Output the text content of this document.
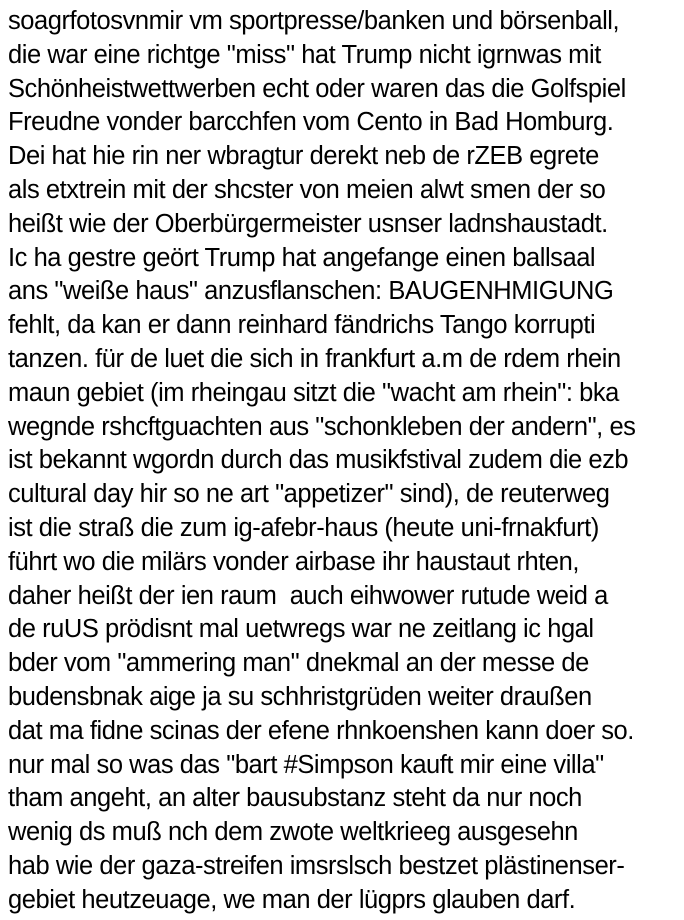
soagrfotosvnmir vm sportpresse/banken und börsenball,
die war eine richtge "miss" hat Trump nicht igrnwas mit
Schönheistwettwerben echt oder waren das die Golfspiel
Freudne vonder barcchfen vom Cento in Bad Homburg.
Dei hat hie rin ner wbragtur derekt neb de rZEB egrete
als etxtrein mit der shcster von meien alwt smen der so
heißt wie der Oberbürgermeister usnser ladnshaustadt.
Ic ha gestre geört Trump hat angefange einen ballsaal
ans "weiße haus" anzusflanschen: BAUGENHMIGUNG
fehlt, da kan er dann reinhard fändrichs Tango korrupti
tanzen. für de luet die sich in frankfurt a.m de rdem rhein
maun gebiet (im rheingau sitzt die "wacht am rhein": bka
wegnde rshcftguachten aus "schonkleben der andern", es
ist bekannt wgordn durch das musikfstival zudem die ezb
cultural day hir so ne art "appetizer" sind), de reuterweg
ist die straß die zum ig-afebr-haus (heute uni-frnakfurt)
führt wo die milärs vonder airbase ihr haustaut rhten,
daher heißt der ien raum  auch eihwower rutude weid a
de ruUS prödisnt mal uetwregs war ne zeitlang ic hgal
bder vom "ammering man" dnekmal an der messe de
budensbnak aige ja su schhristgrüden weiter draußen
dat ma fidne scinas der efene rhnkoenshen kann doer so.
nur mal so was das "bart #Simpson kauft mir eine villa"
tham angeht, an alter bausubstanz steht da nur noch
wenig ds muß nch dem zwote weltkrieeg ausgesehn
hab wie der gaza-streifen imsrslsch bestzet plästinenser-
gebiet heutzeuage, we man der lügprs glauben darf.
